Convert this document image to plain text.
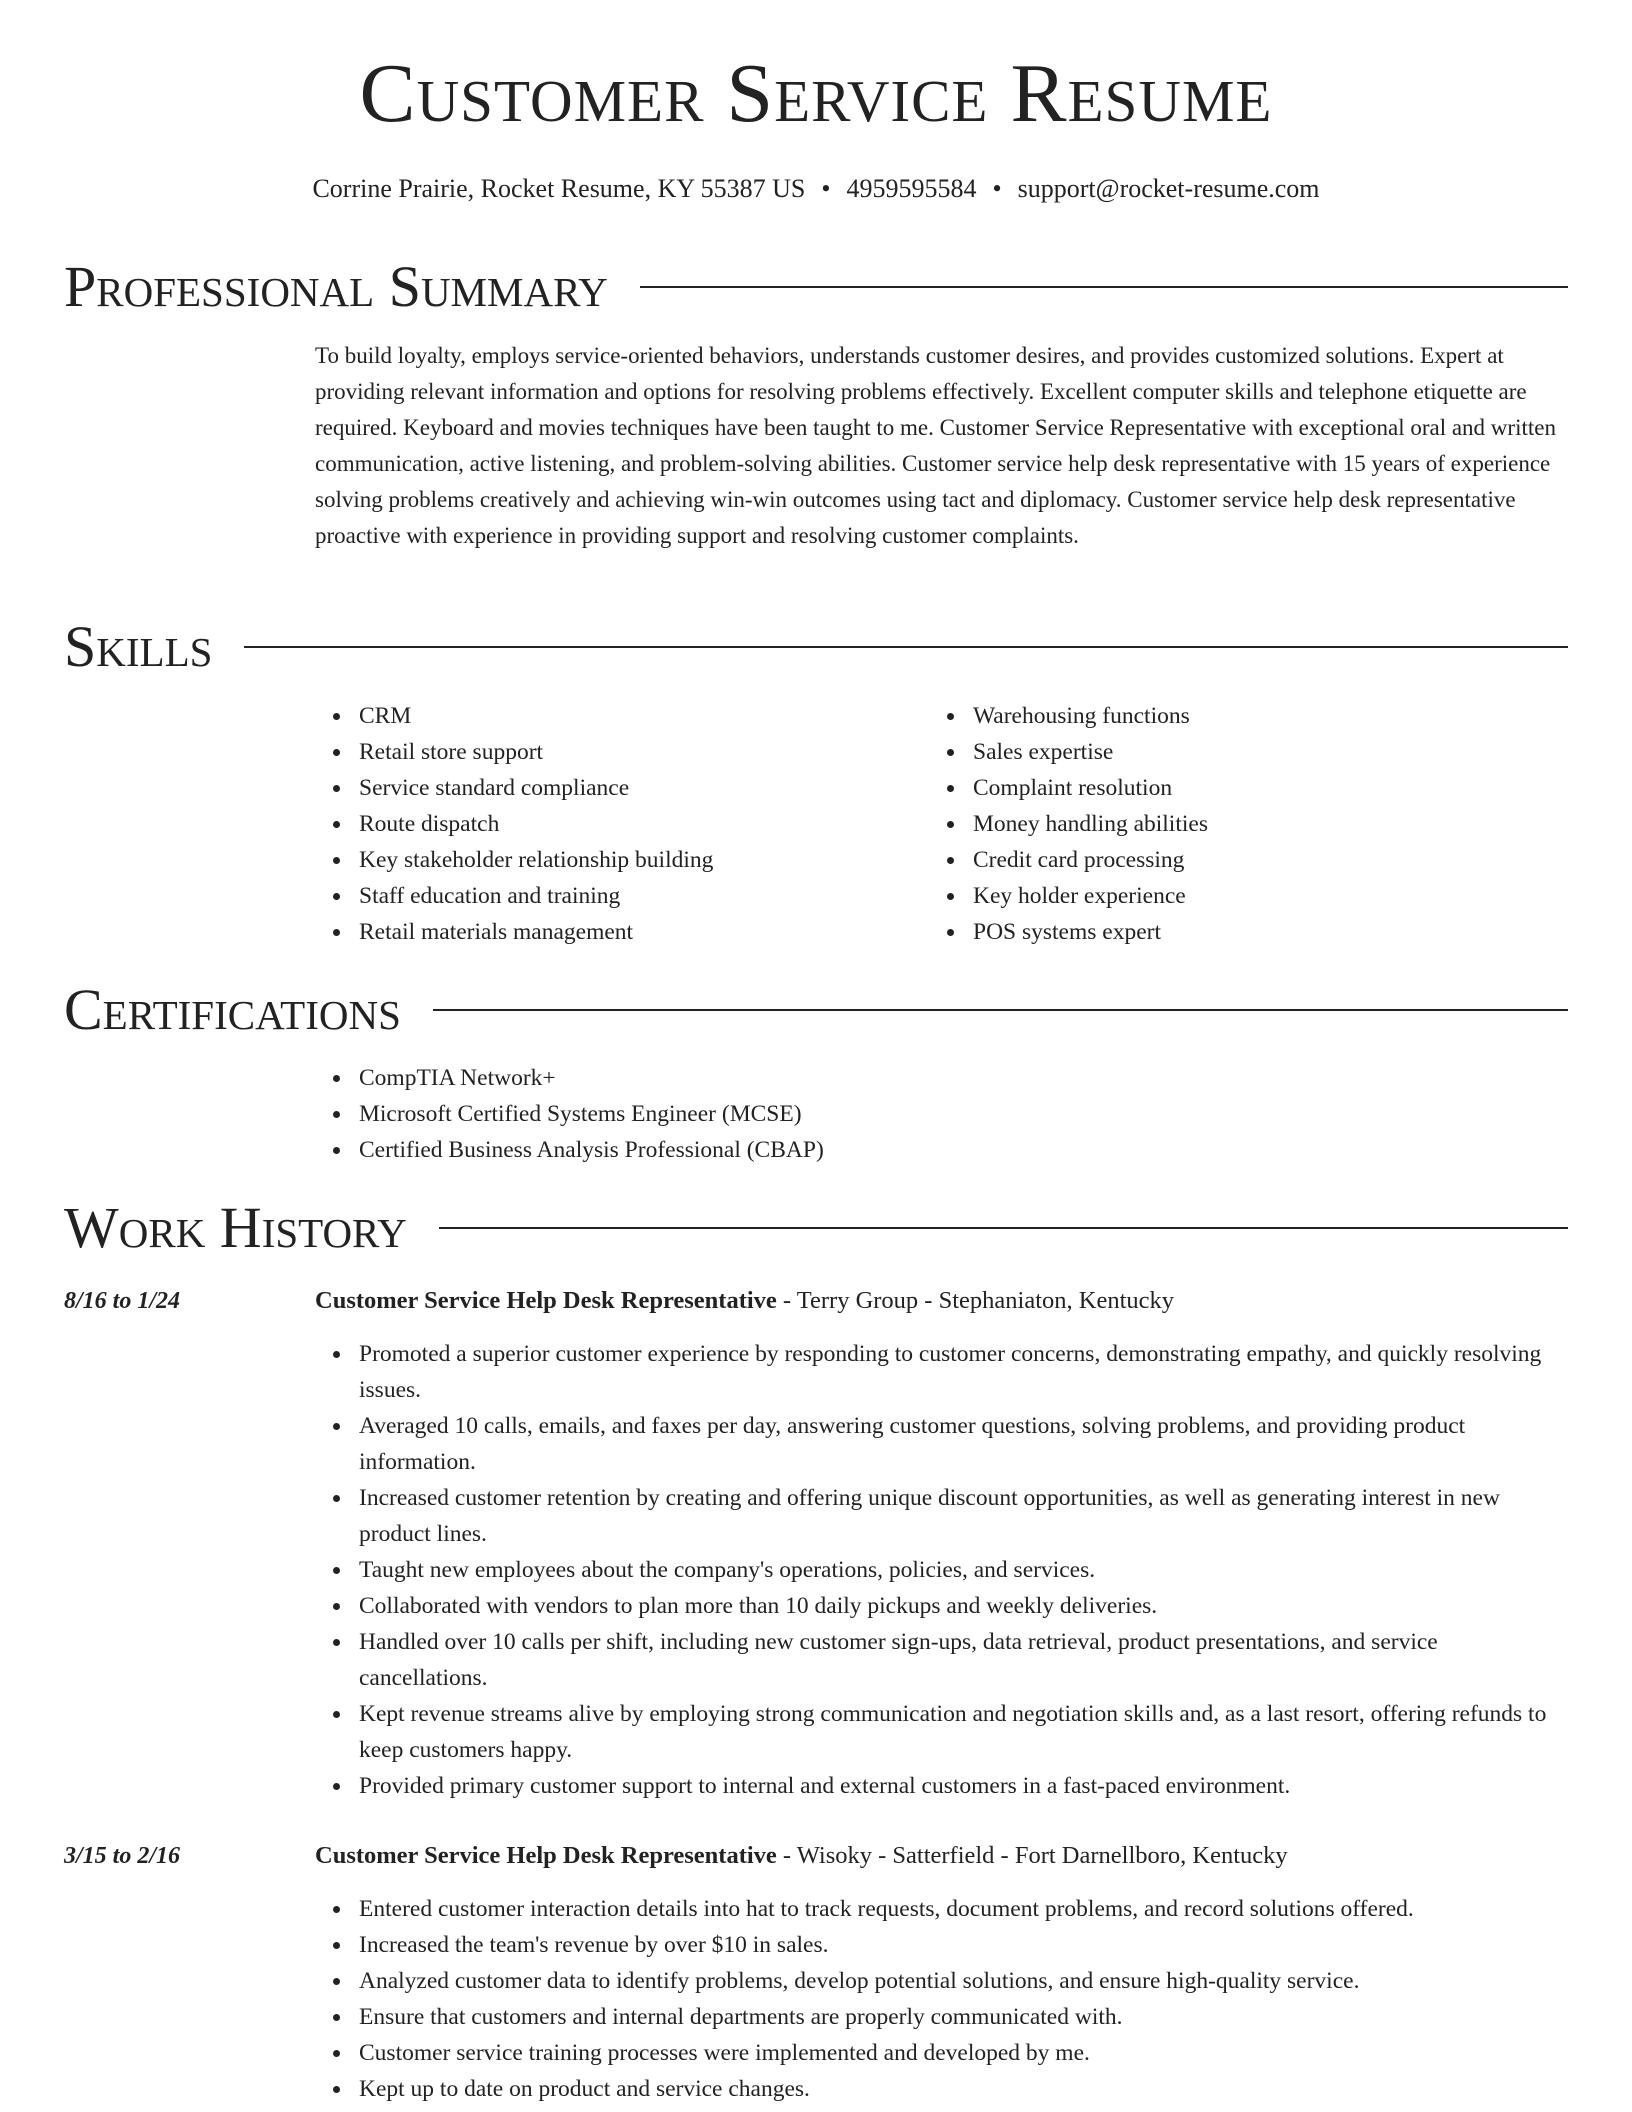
Customer Service Resume
Corrine Prairie, Rocket Resume, KY 55387 US • 4959595584 • support@rocket-resume.com
Professional Summary
To build loyalty, employs service-oriented behaviors, understands customer desires, and provides customized solutions. Expert at providing relevant information and options for resolving problems effectively. Excellent computer skills and telephone etiquette are required. Keyboard and movies techniques have been taught to me. Customer Service Representative with exceptional oral and written communication, active listening, and problem-solving abilities. Customer service help desk representative with 15 years of experience solving problems creatively and achieving win-win outcomes using tact and diplomacy. Customer service help desk representative proactive with experience in providing support and resolving customer complaints.
Skills
CRM
Retail store support
Service standard compliance
Route dispatch
Key stakeholder relationship building
Staff education and training
Retail materials management
Warehousing functions
Sales expertise
Complaint resolution
Money handling abilities
Credit card processing
Key holder experience
POS systems expert
Certifications
CompTIA Network+
Microsoft Certified Systems Engineer (MCSE)
Certified Business Analysis Professional (CBAP)
Work History
8/16 to 1/24	Customer Service Help Desk Representative - Terry Group - Stephaniaton, Kentucky
Promoted a superior customer experience by responding to customer concerns, demonstrating empathy, and quickly resolving issues.
Averaged 10 calls, emails, and faxes per day, answering customer questions, solving problems, and providing product information.
Increased customer retention by creating and offering unique discount opportunities, as well as generating interest in new product lines.
Taught new employees about the company's operations, policies, and services.
Collaborated with vendors to plan more than 10 daily pickups and weekly deliveries.
Handled over 10 calls per shift, including new customer sign-ups, data retrieval, product presentations, and service cancellations.
Kept revenue streams alive by employing strong communication and negotiation skills and, as a last resort, offering refunds to keep customers happy.
Provided primary customer support to internal and external customers in a fast-paced environment.
3/15 to 2/16	Customer Service Help Desk Representative - Wisoky - Satterfield - Fort Darnellboro, Kentucky
Entered customer interaction details into hat to track requests, document problems, and record solutions offered.
Increased the team's revenue by over $10 in sales.
Analyzed customer data to identify problems, develop potential solutions, and ensure high-quality service.
Ensure that customers and internal departments are properly communicated with.
Customer service training processes were implemented and developed by me.
Kept up to date on product and service changes.
